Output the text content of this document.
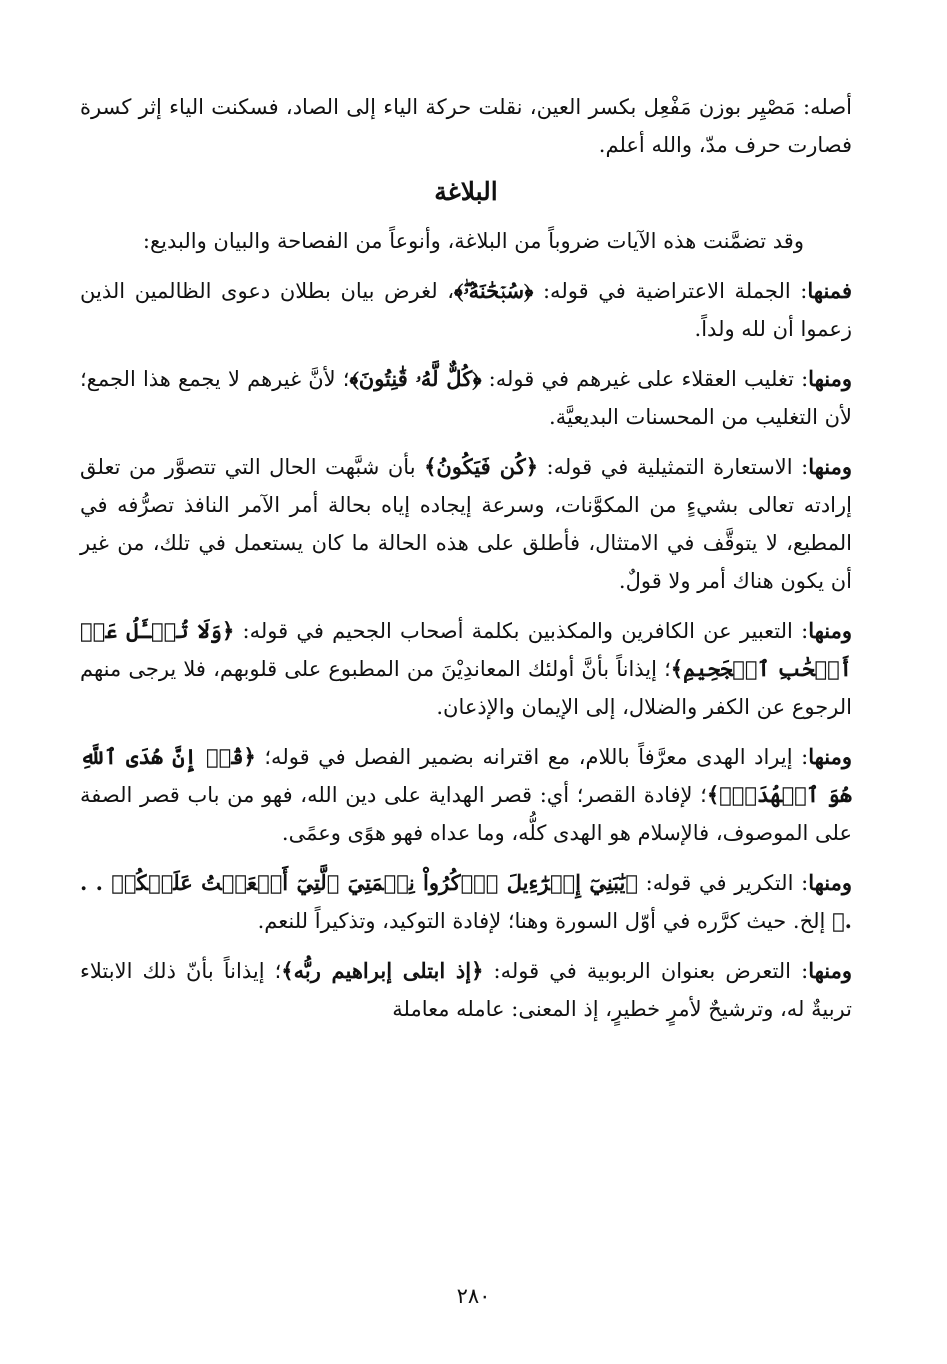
أصله: مَصْيِر بوزن مَفْعِل بكسر العين، نقلت حركة الياء إلى الصاد، فسكنت الياء إثر كسرة فصارت حرف مدّ، والله أعلم.

البلاغة

وقد تضمَّنت هذه الآيات ضروباً من البلاغة، وأنوعاً من الفصاحة والبيان والبديع:

فمنها: الجملة الاعتراضية في قوله: ﴿سُبۡحَٰنَهُۥۖ﴾، لغرض بيان بطلان دعوى الظالمين الذين زعموا أن لله ولداً.

ومنها: تغليب العقلاء على غيرهم في قوله: ﴿كُلٌّ لَّهُۥ قَٰنِتُونَ﴾؛ لأنَّ غيرهم لا يجمع هذا الجمع؛ لأن التغليب من المحسنات البديعيَّة.

ومنها: الاستعارة التمثيلية في قوله: ﴿كُن فَيَكُونُ﴾ بأن شبَّهت الحال التي تتصوَّر من تعلق إرادته تعالى بشيءٍ من المكوَّنات، وسرعة إيجاده إياه بحالة أمر الآمر النافذ تصرُّفه في المطيع، لا يتوقَّف في الامتثال، فأطلق على هذه الحالة ما كان يستعمل في تلك، من غير أن يكون هناك أمر ولا قولٌ.

ومنها: التعبير عن الكافرين والمكذبين بكلمة أصحاب الجحيم في قوله: ﴿وَلَا تُسۡـَٔلُ عَنۡ أَصۡحَٰبِ ٱلۡجَحِيمِ﴾؛ إيذاناً بأنَّ أولئك المعاندِيْنَ من المطبوع على قلوبهم، فلا يرجى منهم الرجوع عن الكفر والضلال، إلى الإيمان والإذعان.

ومنها: إيراد الهدى معرَّفاً باللام، مع اقترانه بضمير الفصل في قوله؛ ﴿قُلۡ إِنَّ هُدَى ٱللَّهِ هُوَ ٱلۡهُدَىٰۗ﴾؛ لإفادة القصر؛ أي: قصر الهداية على دين الله، فهو من باب قصر الصفة على الموصوف، فالإسلام هو الهدى كلُّه، وما عداه فهو هوًى وعمًى.

ومنها: التكرير في قوله: ﴿يَٰبَنِيٓ إِسۡرَٰٓءِيلَ ٱذۡكُرُواْ نِعۡمَتِيَ ٱلَّتِيٓ أَنۡعَمۡتُ عَلَيۡكُمۡ . . .﴾ إلخ. حيث كرَّره في أوّل السورة وهنا؛ لإفادة التوكيد، وتذكيراً للنعم.

ومنها: التعرض بعنوان الربوبية في قوله: ﴿إذ ابتلى إبراهيم ربُّه﴾؛ إيذاناً بأنّ ذلك الابتلاء تربيةٌ له، وترشيحٌ لأمرٍ خطيرٍ، إذ المعنى: عامله معاملة

٢٨٠
